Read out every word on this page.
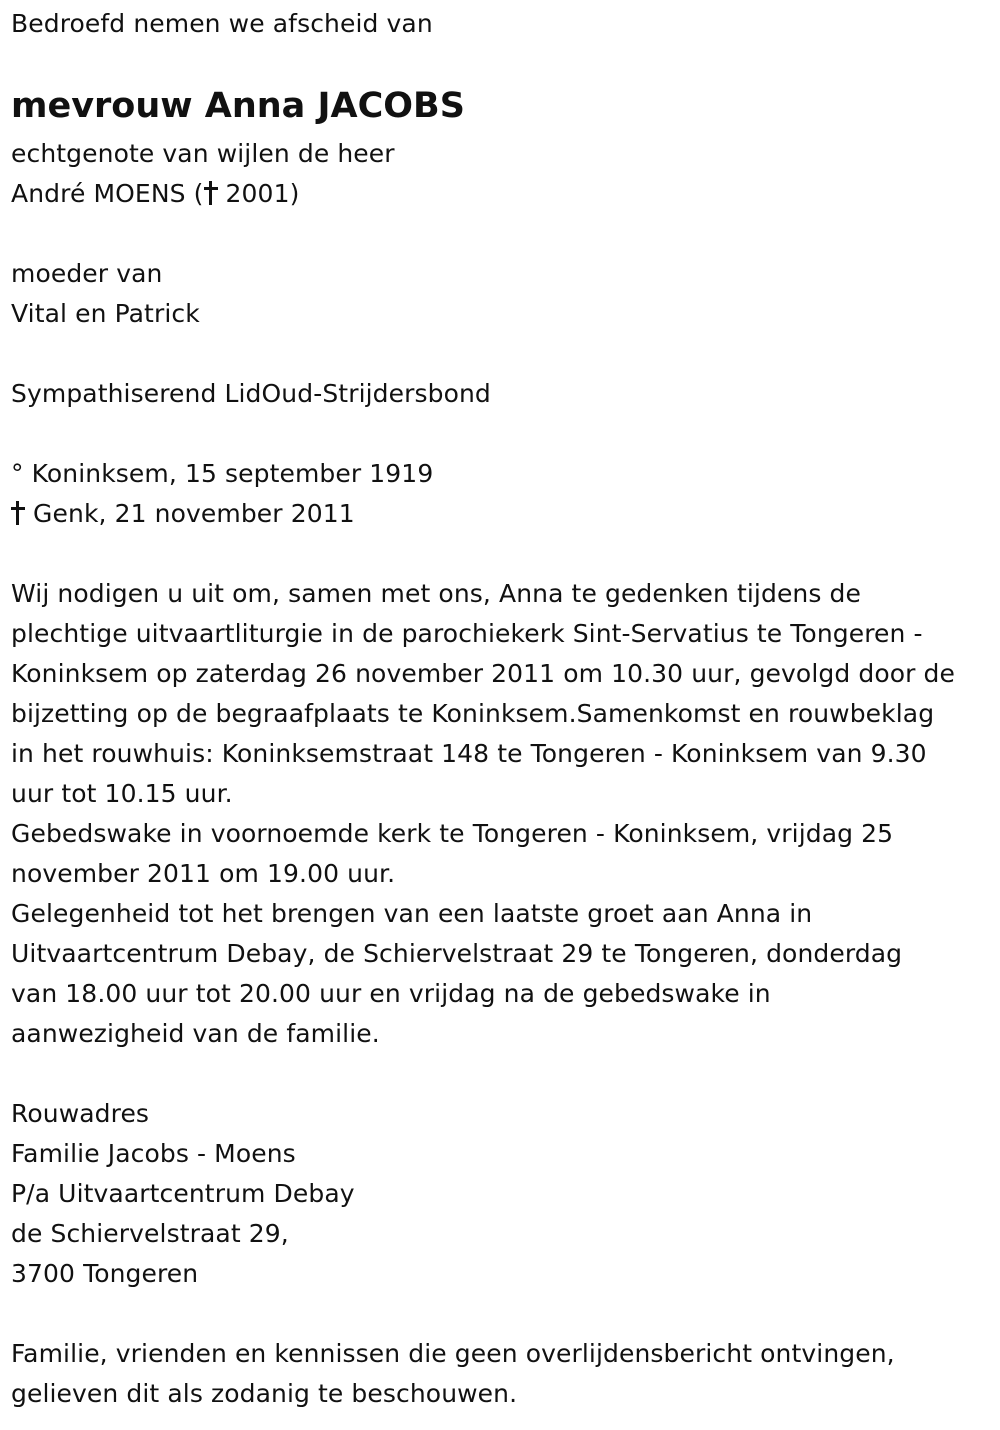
Bedroefd nemen we afscheid van
mevrouw Anna JACOBS
echtgenote van wijlen de heer
André MOENS ( 2001)
moeder van
Vital en Patrick
Sympathiserend LidOud-Strijdersbond
° Koninksem, 15 september 1919
Genk, 21 november 2011
Wij nodigen u uit om, samen met ons, Anna te gedenken tijdens de
plechtige uitvaartliturgie in de parochiekerk Sint-Servatius te Tongeren -
Koninksem op zaterdag 26 november 2011 om 10.30 uur, gevolgd door de
bijzetting op de begraafplaats te Koninksem.Samenkomst en rouwbeklag
in het rouwhuis: Koninksemstraat 148 te Tongeren - Koninksem van 9.30
uur tot 10.15 uur.
Gebedswake in voornoemde kerk te Tongeren - Koninksem, vrijdag 25
november 2011 om 19.00 uur.
Gelegenheid tot het brengen van een laatste groet aan Anna in
Uitvaartcentrum Debay, de Schiervelstraat 29 te Tongeren, donderdag
van 18.00 uur tot 20.00 uur en vrijdag na de gebedswake in
aanwezigheid van de familie.
Rouwadres
Familie Jacobs - Moens
P/a Uitvaartcentrum Debay
de Schiervelstraat 29,
3700 Tongeren
Familie, vrienden en kennissen die geen overlijdensbericht ontvingen,
gelieven dit als zodanig te beschouwen.
